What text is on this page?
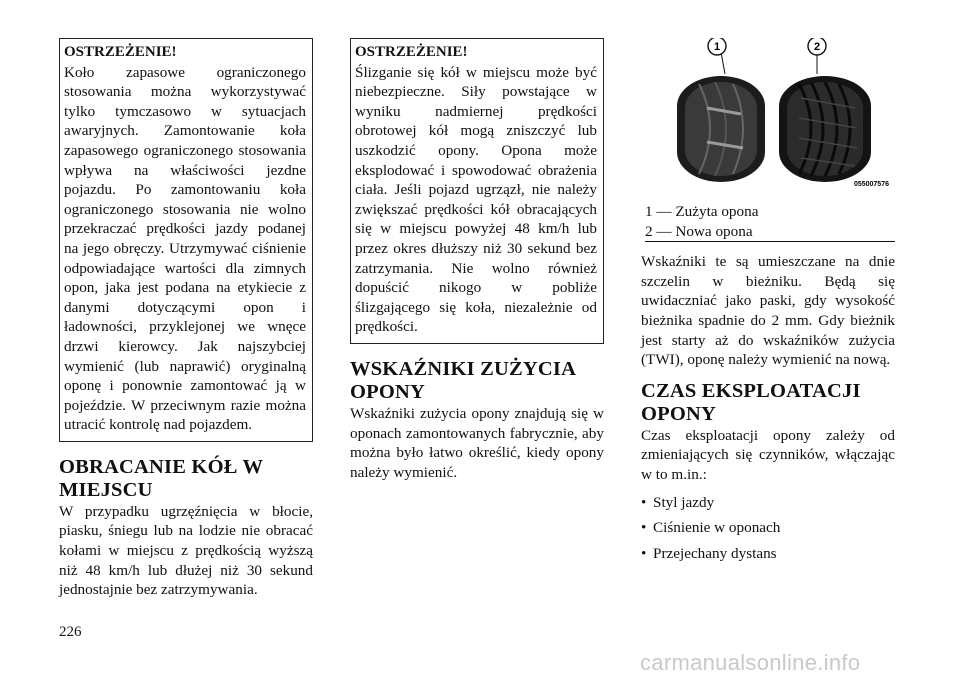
OSTRZEŻENIE!

Koło zapasowe ograniczonego stosowania można wykorzystywać tylko tymczasowo w sytuacjach awaryjnych. Zamontowanie koła zapasowego ograniczonego stosowania wpływa na właściwości jezdne pojazdu. Po zamontowaniu koła ograniczonego stosowania nie wolno przekraczać prędkości jazdy podanej na jego obręczy. Utrzymywać ciśnienie odpowiadające wartości dla zimnych opon, jaka jest podana na etykiecie z danymi dotyczącymi opon i ładowności, przyklejonej we wnęce drzwi kierowcy. Jak najszybciej wymienić (lub naprawić) oryginalną oponę i ponownie zamontować ją w pojeździe. W przeciwnym razie można utracić kontrolę nad pojazdem.

OBRACANIE KÓŁ W MIEJSCU

W przypadku ugrzęźnięcia w błocie, piasku, śniegu lub na lodzie nie obracać kołami w miejscu z prędkością wyższą niż 48 km/h lub dłużej niż 30 sekund jednostajnie bez zatrzymywania.

OSTRZEŻENIE!

Ślizganie się kół w miejscu może być niebezpieczne. Siły powstające w wyniku nadmiernej prędkości obrotowej kół mogą zniszczyć lub uszkodzić opony. Opona może eksplodować i spowodować obrażenia ciała. Jeśli pojazd ugrzązł, nie należy zwiększać prędkości kół obracających się w miejscu powyżej 48 km/h lub przez okres dłuższy niż 30 sekund bez zatrzymania. Nie wolno również dopuścić nikogo w pobliże ślizgającego się koła, niezależnie od prędkości.

WSKAŹNIKI ZUŻYCIA OPONY

Wskaźniki zużycia opony znajdują się w oponach zamontowanych fabrycznie, aby można było łatwo określić, kiedy opony należy wymienić.

1	2
055007576
1 — Zużyta opona
2 — Nowa opona

Wskaźniki te są umieszczane na dnie szczelin w bieżniku. Będą się uwidaczniać jako paski, gdy wysokość bieżnika spadnie do 2 mm. Gdy bieżnik jest starty aż do wskaźników zużycia (TWI), oponę należy wymienić na nową.

CZAS EKSPLOATACJI OPONY

Czas eksploatacji opony zależy od zmieniających się czynników, włączając w to m.in.:

• Styl jazdy
• Ciśnienie w oponach
• Przejechany dystans
226
carmanualsonline.info
